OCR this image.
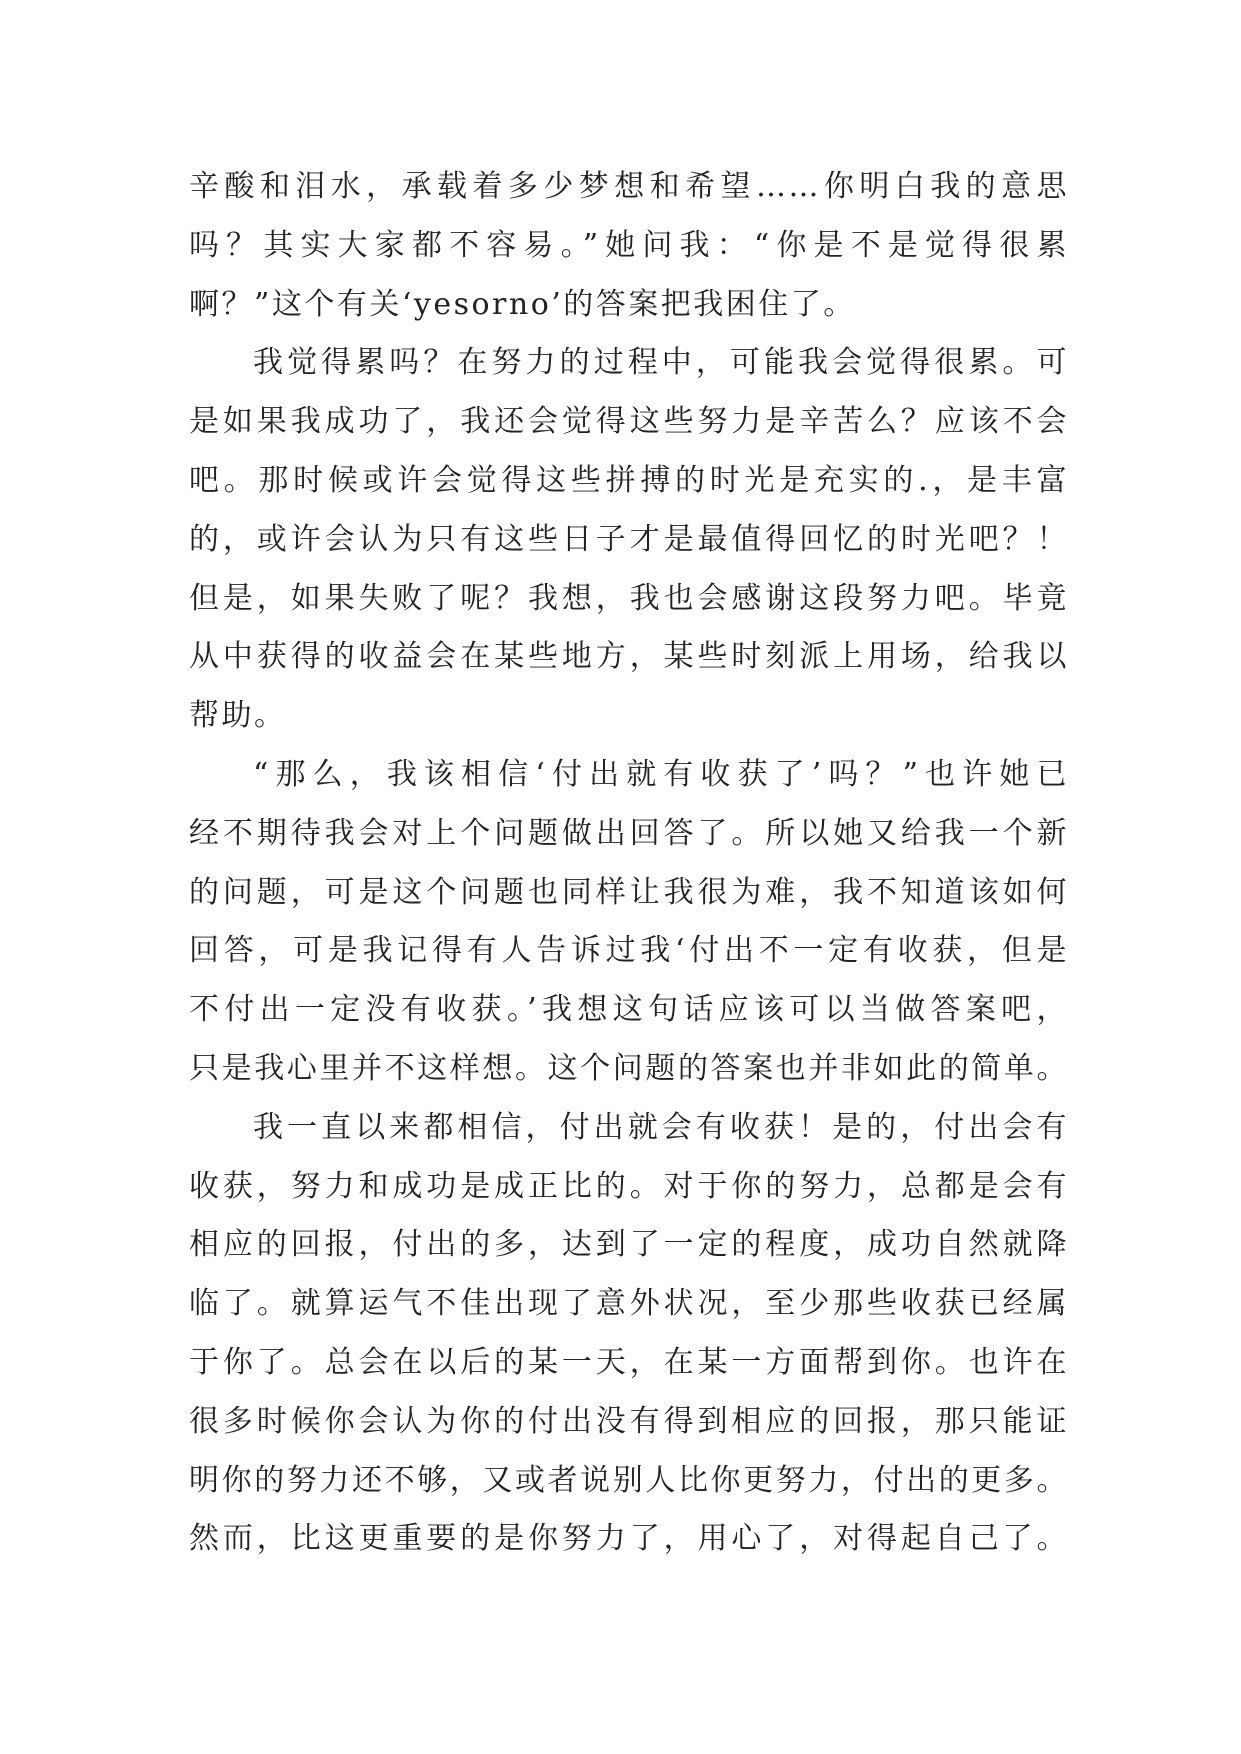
辛酸和泪水，承载着多少梦想和希望……你明白我的意思
吗？其实大家都不容易。”她问我：“你是不是觉得很累
啊？”这个有关‘yesorno’的答案把我困住了。
我觉得累吗？在努力的过程中，可能我会觉得很累。可
是如果我成功了，我还会觉得这些努力是辛苦么？应该不会
吧。那时候或许会觉得这些拼搏的时光是充实的.，是丰富
的，或许会认为只有这些日子才是最值得回忆的时光吧？！
但是，如果失败了呢？我想，我也会感谢这段努力吧。毕竟
从中获得的收益会在某些地方，某些时刻派上用场，给我以
帮助。
“那么，我该相信‘付出就有收获了’吗？”也许她已
经不期待我会对上个问题做出回答了。所以她又给我一个新
的问题，可是这个问题也同样让我很为难，我不知道该如何
回答，可是我记得有人告诉过我‘付出不一定有收获，但是
不付出一定没有收获。’我想这句话应该可以当做答案吧，
只是我心里并不这样想。这个问题的答案也并非如此的简单。
我一直以来都相信，付出就会有收获！是的，付出会有
收获，努力和成功是成正比的。对于你的努力，总都是会有
相应的回报，付出的多，达到了一定的程度，成功自然就降
临了。就算运气不佳出现了意外状况，至少那些收获已经属
于你了。总会在以后的某一天，在某一方面帮到你。也许在
很多时候你会认为你的付出没有得到相应的回报，那只能证
明你的努力还不够，又或者说别人比你更努力，付出的更多。
然而，比这更重要的是你努力了，用心了，对得起自己了。
